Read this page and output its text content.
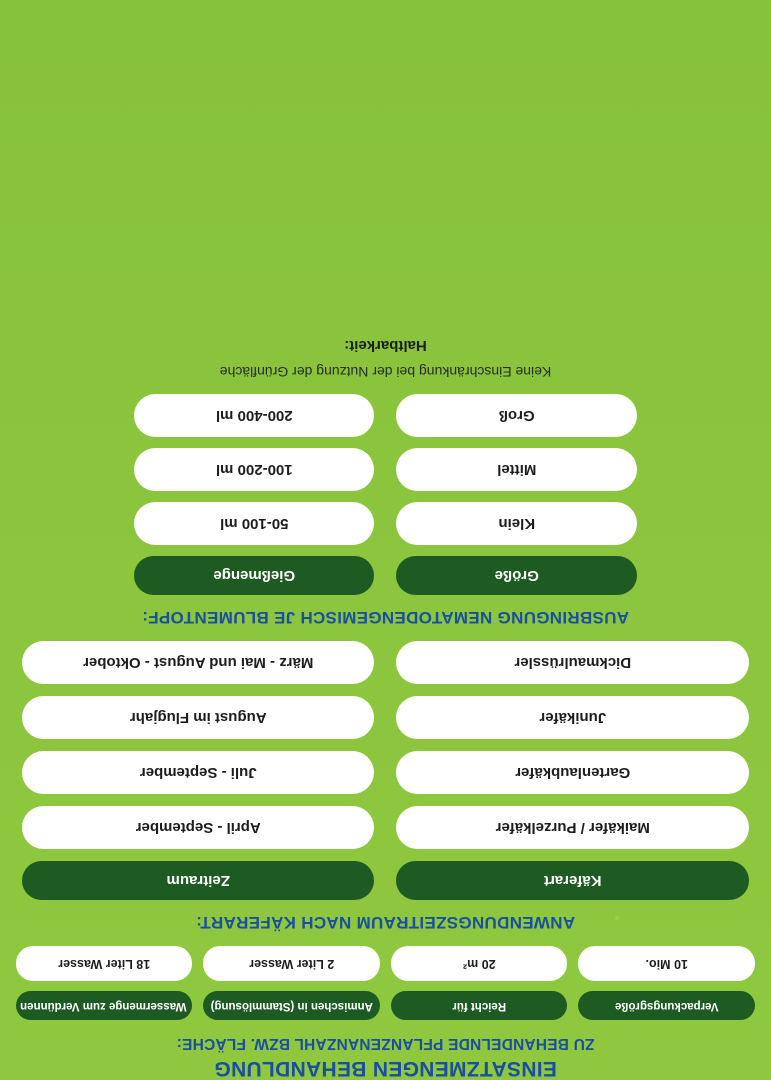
EINSATZMENGEN BEHANDLUNG
ZU BEHANDELNDE PFLANZENANZAHL BZW. FLÄCHE:
Verpackungsgröße
10 Mio.
Reicht für
20 m²
Anmischen in (Stammlösung)
2 Liter Wasser
Wassermenge zum Verdünnen
18 Liter Wasser
ANWENDUNGSZEITRAUM NACH KÄFERART:
Käferart
Maikäfer / Purzelkäfer
Gartenlaubkäfer
Junikäfer
Dickmaulrüssler
Zeitraum
April - September
Juli - September
August im Flugjahr
März - Mai und August - Oktober
AUSBRINGUNG NEMATODENGEMISCH JE BLUMENTOPF:
Größe
Klein
Mittel
Groß
Gießmenge
50-100 ml
100-200 ml
200-400 ml
Keine Einschränkung bei der Nutzung der Grünfläche
Haltbarkeit:
